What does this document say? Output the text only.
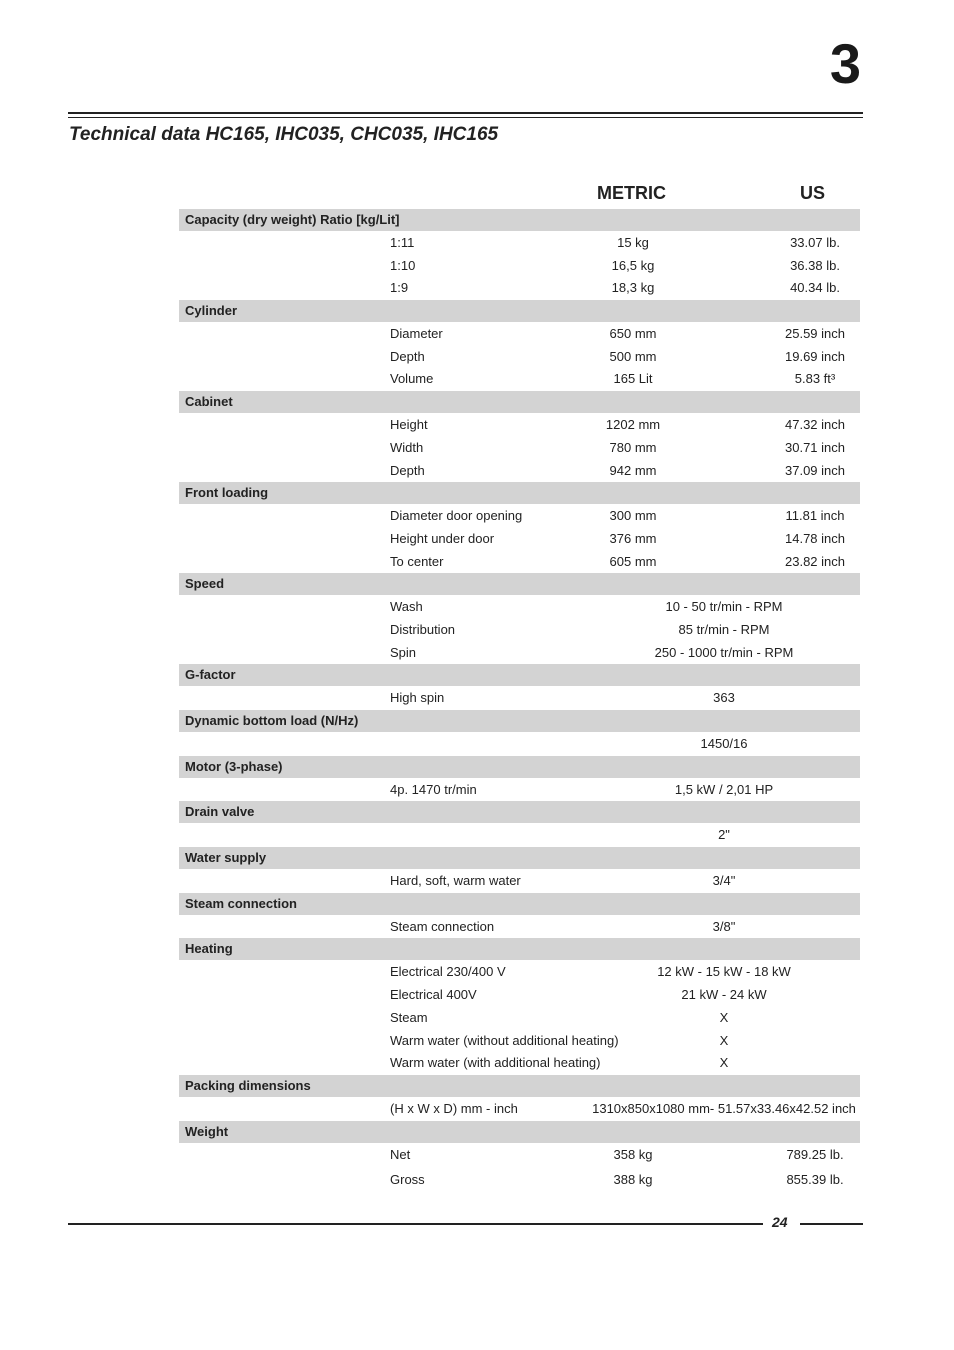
3
Technical data HC165, IHC035, CHC035, IHC165
METRIC	US
Capacity (dry weight) Ratio [kg/Lit]
1:11	15 kg	33.07 lb.
1:10	16,5 kg	36.38 lb.
1:9	18,3 kg	40.34 lb.
Cylinder
Diameter	650 mm	25.59 inch
Depth	500 mm	19.69 inch
Volume	165 Lit	5.83 ft³
Cabinet
Height	1202 mm	47.32 inch
Width	780 mm	30.71 inch
Depth	942 mm	37.09 inch
Front loading
Diameter door opening	300 mm	11.81 inch
Height under door	376 mm	14.78 inch
To center	605 mm	23.82 inch
Speed
Wash	10 - 50 tr/min - RPM
Distribution	85 tr/min - RPM
Spin	250 - 1000 tr/min - RPM
G-factor
High spin	363
Dynamic bottom load (N/Hz)
1450/16
Motor (3-phase)
4p. 1470 tr/min	1,5 kW / 2,01 HP
Drain valve
2"
Water supply
Hard, soft, warm water	3/4"
Steam connection
Steam connection	3/8"
Heating
Electrical 230/400 V	12 kW - 15 kW - 18 kW
Electrical 400V	21 kW - 24 kW
Steam	X
Warm water (without additional heating)	X
Warm water (with additional heating)	X
Packing dimensions
(H x W x D) mm - inch	1310x850x1080 mm- 51.57x33.46x42.52 inch
Weight
Net	358 kg	789.25 lb.
Gross	388 kg	855.39 lb.
24
